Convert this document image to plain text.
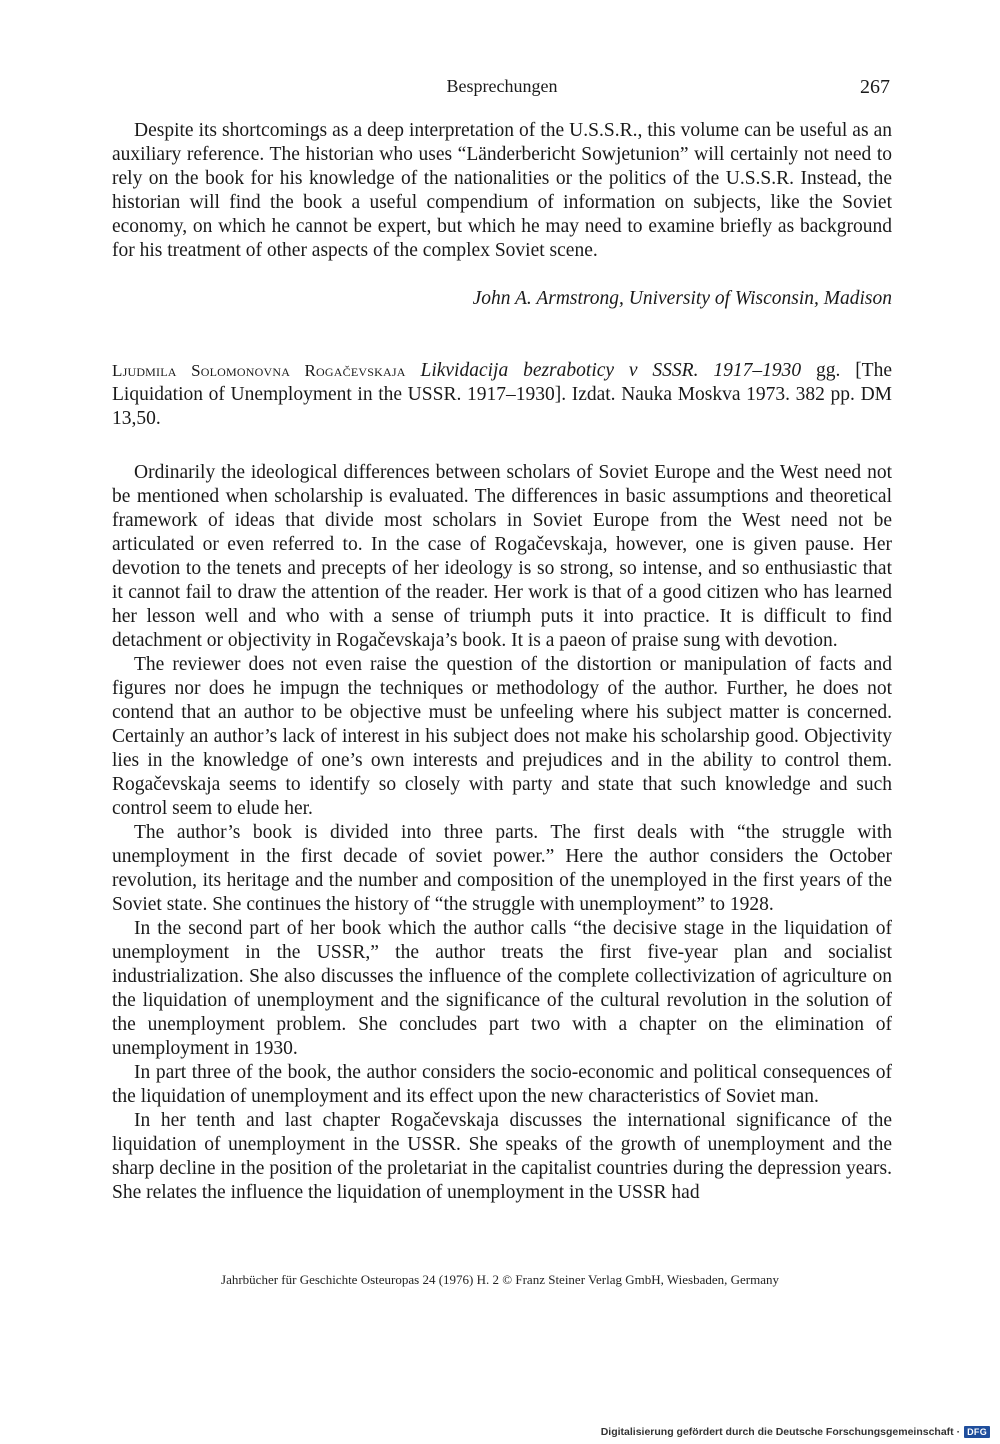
Besprechungen	267

Despite its shortcomings as a deep interpretation of the U.S.S.R., this volume can be useful as an auxiliary reference. The historian who uses “Länderbericht Sowjetunion” will certainly not need to rely on the book for his knowledge of the nationalities or the politics of the U.S.S.R. Instead, the historian will find the book a useful compendium of information on subjects, like the Soviet economy, on which he cannot be expert, but which he may need to examine briefly as background for his treatment of other aspects of the complex Soviet scene.

John A. Armstrong, University of Wisconsin, Madison
Ljudmila Solomonovna Rogačevskaja Likvidacija bezraboticy v SSSR. 1917–1930 gg. [The Liquidation of Unemployment in the USSR. 1917–1930]. Izdat. Nauka Moskva 1973. 382 pp. DM 13,50.

Ordinarily the ideological differences between scholars of Soviet Europe and the West need not be mentioned when scholarship is evaluated. The differences in basic assumptions and theoretical framework of ideas that divide most scholars in Soviet Europe from the West need not be articulated or even referred to. In the case of Rogačevskaja, however, one is given pause. Her devotion to the tenets and precepts of her ideology is so strong, so intense, and so enthusiastic that it cannot fail to draw the attention of the reader. Her work is that of a good citizen who has learned her lesson well and who with a sense of triumph puts it into practice. It is difficult to find detachment or objectivity in Rogačevskaja’s book. It is a paeon of praise sung with devotion.

The reviewer does not even raise the question of the distortion or manipulation of facts and figures nor does he impugn the techniques or methodology of the author. Further, he does not contend that an author to be objective must be unfeeling where his subject matter is concerned. Certainly an author’s lack of interest in his subject does not make his scholarship good. Objectivity lies in the knowledge of one’s own interests and prejudices and in the ability to control them. Rogačevskaja seems to identify so closely with party and state that such knowledge and such control seem to elude her.

The author’s book is divided into three parts. The first deals with “the struggle with unemployment in the first decade of soviet power.” Here the author considers the October revolution, its heritage and the number and composition of the unemployed in the first years of the Soviet state. She continues the history of “the struggle with unemployment” to 1928.

In the second part of her book which the author calls “the decisive stage in the liquidation of unemployment in the USSR,” the author treats the first five-year plan and socialist industrialization. She also discusses the influence of the complete collectivization of agriculture on the liquidation of unemployment and the significance of the cultural revolution in the solution of the unemployment problem. She concludes part two with a chapter on the elimination of unemployment in 1930.

In part three of the book, the author considers the socio-economic and political consequences of the liquidation of unemployment and its effect upon the new characteristics of Soviet man.

In her tenth and last chapter Rogačevskaja discusses the international significance of the liquidation of unemployment in the USSR. She speaks of the growth of unemployment and the sharp decline in the position of the proletariat in the capitalist countries during the depression years. She relates the influence the liquidation of unemployment in the USSR had

Jahrbücher für Geschichte Osteuropas 24 (1976) H. 2 © Franz Steiner Verlag GmbH, Wiesbaden, Germany
Digitalisierung gefördert durch die Deutsche Forschungsgemeinschaft · DFG
